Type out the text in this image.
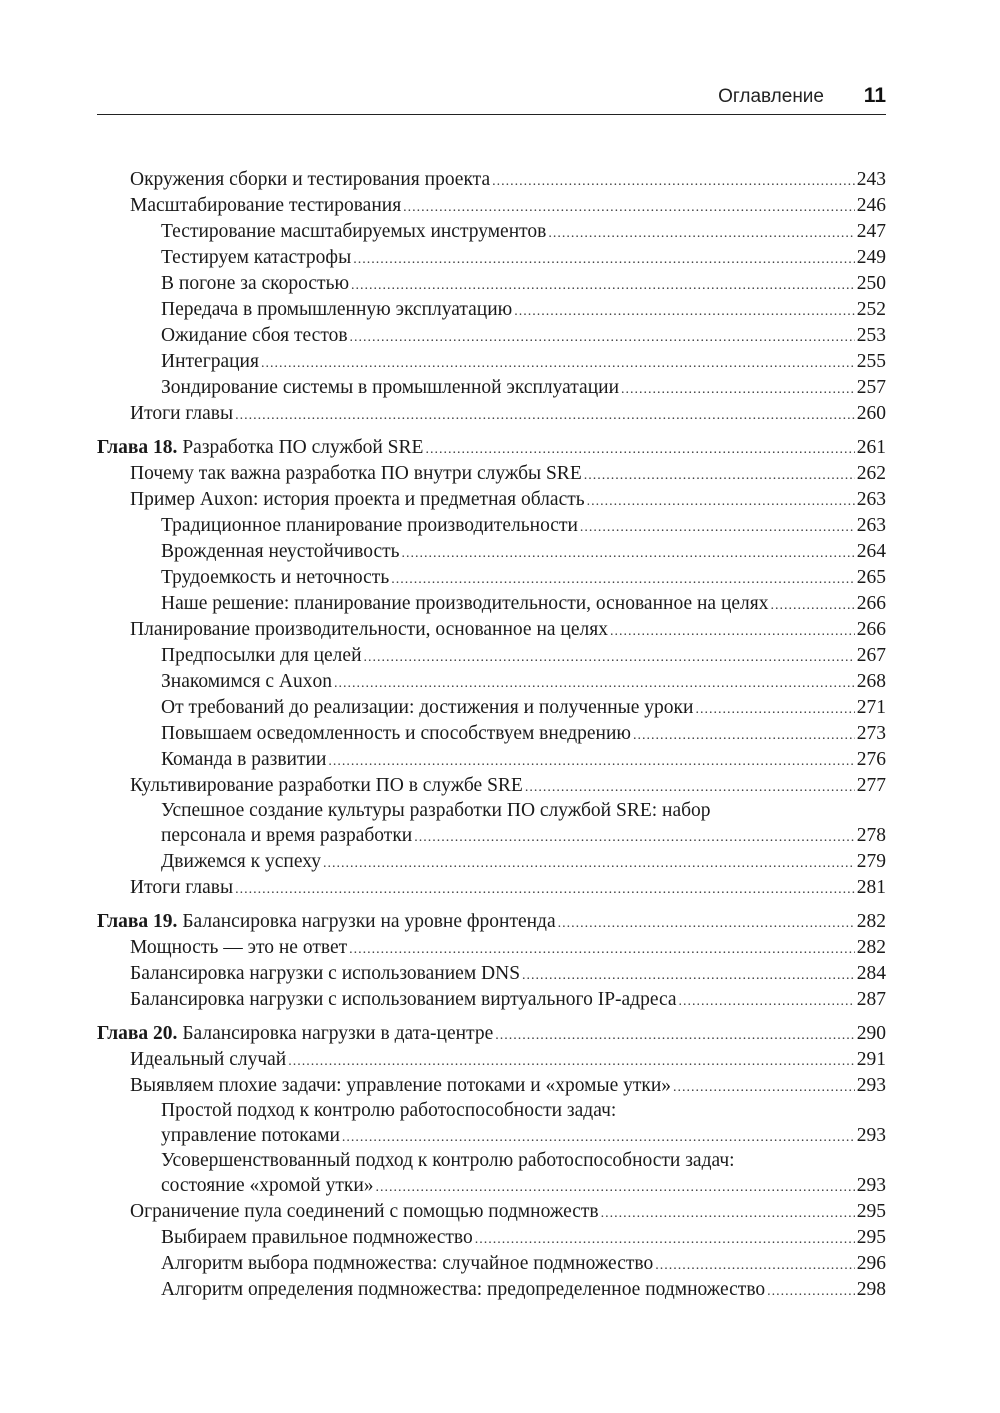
Оглавление 11
Окружения сборки и тестирования проекта .....	243
Масштабирование тестирования .....	246
Тестирование масштабируемых инструментов .....	247
Тестируем катастрофы .....	249
В погоне за скоростью .....	250
Передача в промышленную эксплуатацию .....	252
Ожидание сбоя тестов .....	253
Интеграция .....	255
Зондирование системы в промышленной эксплуатации .....	257
Итоги главы .....	260
Глава 18.
Разработка ПО службой SRE .....	261
Почему так важна разработка ПО внутри службы SRE .....	262
Пример Auxon: история проекта и предметная область .....	263
Традиционное планирование производительности .....	263
Врожденная неустойчивость .....	264
Трудоемкость и неточность .....	265
Наше решение: планирование производительности, основанное на целях .....	266
Планирование производительности, основанное на целях .....	266
Предпосылки для целей .....	267
Знакомимся с Auxon .....	268
От требований до реализации: достижения и полученные уроки .....	271
Повышаем осведомленность и способствуем внедрению .....	273
Команда в развитии .....	276
Культивирование разработки ПО в службе SRE .....	277
Успешное создание культуры разработки ПО службой SRE: набор
персонала и время разработки .....	278
Движемся к успеху .....	279
Итоги главы .....	281
Глава 19.
Балансировка нагрузки на уровне фронтенда .....	282
Мощность — это не ответ .....	282
Балансировка нагрузки с использованием DNS .....	284
Балансировка нагрузки с использованием виртуального IP-адреса .....	287
Глава 20.
Балансировка нагрузки в дата-центре .....	290
Идеальный случай .....	291
Выявляем плохие задачи: управление потоками и «хромые утки» .....	293
Простой подход к контролю работоспособности задач:
управление потоками .....	293
Усовершенствованный подход к контролю работоспособности задач:
состояние «хромой утки» .....	293
Ограничение пула соединений с помощью подмножеств .....	295
Выбираем правильное подмножество .....	295
Алгоритм выбора подмножества: случайное подмножество .....	296
Алгоритм определения подмножества: предопределенное подмножество .....	298
